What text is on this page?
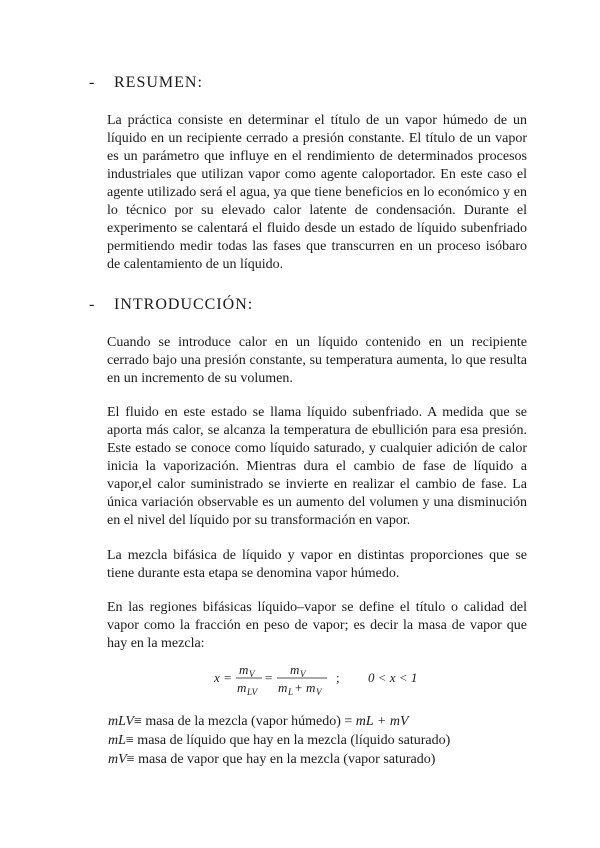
- RESUMEN:
La práctica consiste en determinar el título de un vapor húmedo de un líquido en un recipiente cerrado a presión constante. El título de un vapor es un parámetro que influye en el rendimiento de determinados procesos industriales que utilizan vapor como agente caloportador. En este caso el agente utilizado será el agua, ya que tiene beneficios en lo económico y en lo técnico por su elevado calor latente de condensación. Durante el experimento se calentará el fluido desde un estado de líquido subenfriado permitiendo medir todas las fases que transcurren en un proceso isóbaro de calentamiento de un líquido.
- INTRODUCCIÓN:
Cuando se introduce calor en un líquido contenido en un recipiente cerrado bajo una presión constante, su temperatura aumenta, lo que resulta en un incremento de su volumen.
El fluido en este estado se llama líquido subenfriado. A medida que se aporta más calor, se alcanza la temperatura de ebullición para esa presión. Este estado se conoce como líquido saturado, y cualquier adición de calor inicia la vaporización. Mientras dura el cambio de fase de líquido a vapor,el calor suministrado se invierte en realizar el cambio de fase. La única variación observable es un aumento del volumen y una disminución en el nivel del líquido por su transformación en vapor.
La mezcla bifásica de líquido y vapor en distintas proporciones que se tiene durante esta etapa se denomina vapor húmedo.
En las regiones bifásicas líquido–vapor se define el título o calidad del vapor como la fracción en peso de vapor; es decir la masa de vapor que hay en la mezcla:
x =
m V
m LV
=
m V
m L + m V
; 0 < x < 1
mLV≡ masa de la mezcla (vapor húmedo) = mL + mV
mL≡ masa de líquido que hay en la mezcla (líquido saturado)
mV≡ masa de vapor que hay en la mezcla (vapor saturado)
